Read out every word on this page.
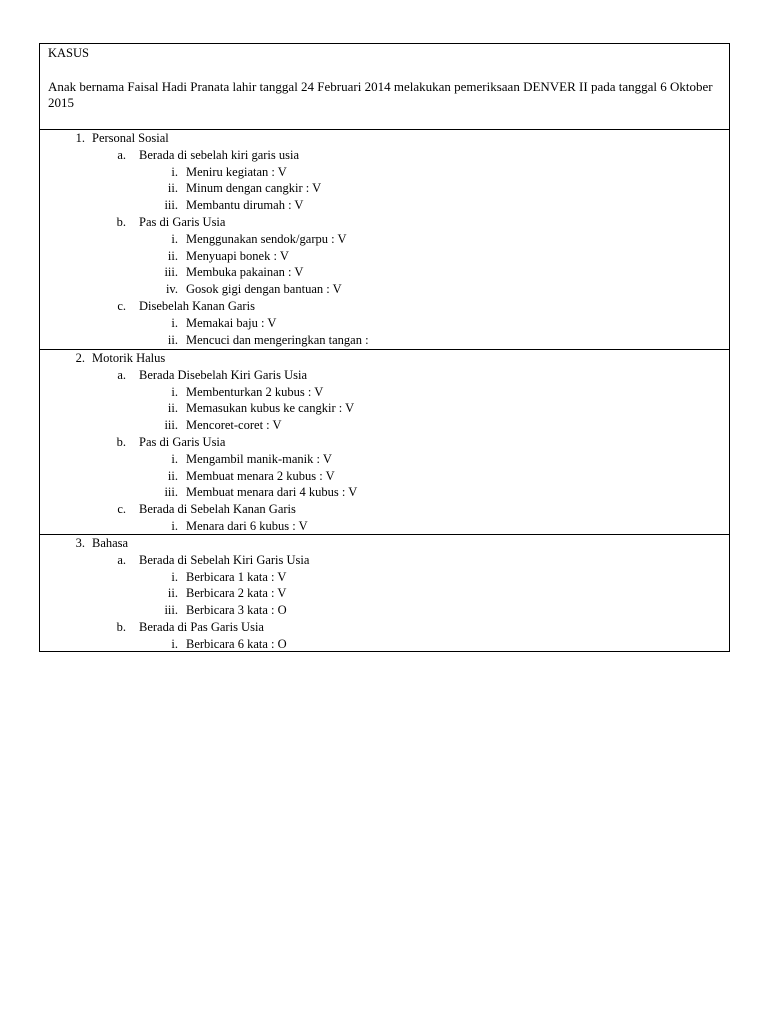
KASUS
Anak bernama Faisal Hadi Pranata lahir tanggal 24 Februari 2014 melakukan pemeriksaan DENVER II pada tanggal 6 Oktober 2015
1. Personal Sosial
a. Berada di sebelah kiri garis usia
i. Meniru kegiatan : V
ii. Minum dengan cangkir : V
iii. Membantu dirumah : V
b. Pas di Garis Usia
i. Menggunakan sendok/garpu : V
ii. Menyuapi bonek : V
iii. Membuka pakainan : V
iv. Gosok gigi dengan bantuan : V
c. Disebelah Kanan Garis
i. Memakai baju : V
ii. Mencuci dan mengeringkan tangan :
2. Motorik Halus
a. Berada Disebelah Kiri Garis Usia
i. Membenturkan 2 kubus : V
ii. Memasukan kubus ke cangkir : V
iii. Mencoret-coret : V
b. Pas di Garis Usia
i. Mengambil manik-manik : V
ii. Membuat menara 2 kubus : V
iii. Membuat menara dari 4 kubus : V
c. Berada di Sebelah Kanan Garis
i. Menara dari 6 kubus : V
3. Bahasa
a. Berada di Sebelah Kiri Garis Usia
i. Berbicara 1 kata : V
ii. Berbicara 2 kata : V
iii. Berbicara 3 kata : O
b. Berada di Pas Garis Usia
i. Berbicara 6 kata : O
